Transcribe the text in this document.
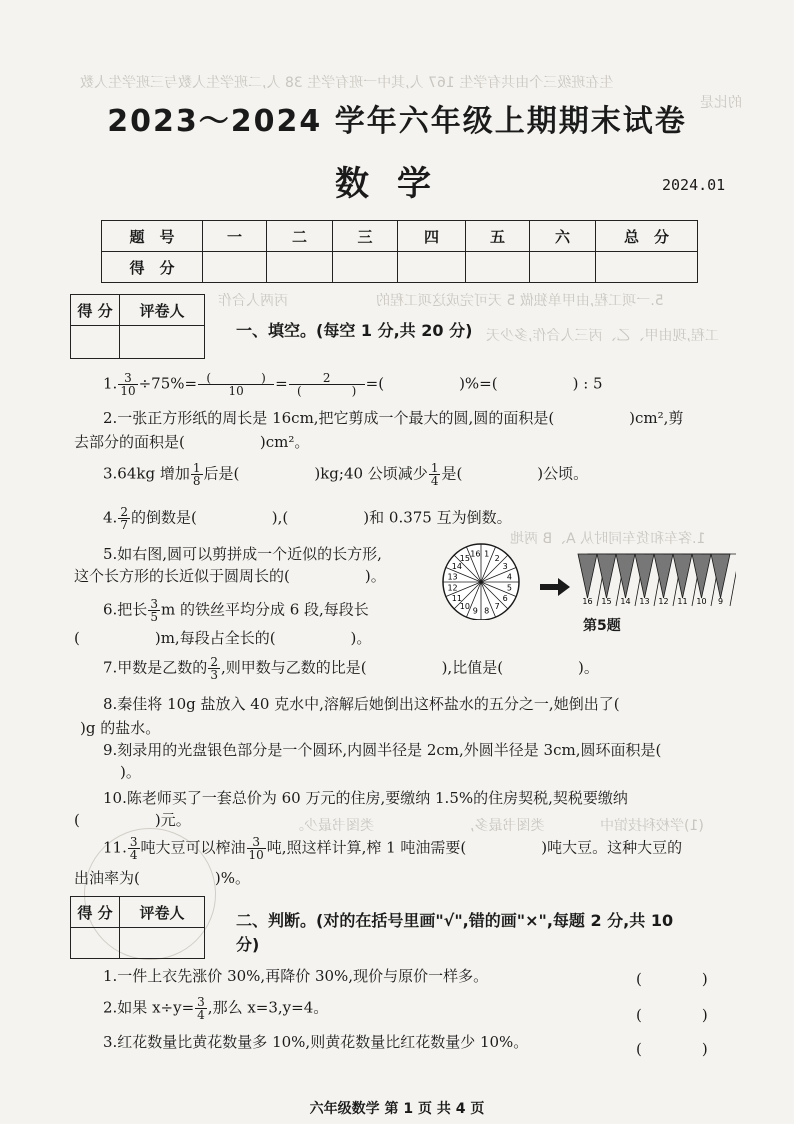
生在班级三个由共有学生 167 人,其中一班有学生 38 人,二班学生人数与三班学生人数
的比是
5.一项工程,由甲单独做 5 天可完成这项工程的
工程,现由甲、乙、丙三人合作,多少天
丙两人合作
1.客车和货车同时从 A、B 两地
(1)学校科技馆中
类图书最多,
类图书最少。
2023～2024 学年六年级上期期末试卷
数学	2024.01
题　号	一	二	三	四	五	六	总　分
得　分							
得 分	评卷人

一、填空。(每空 1 分,共 20 分)
1. $\frac{3}{10} \div 75\%=$ (	)
10 = 2
(	) =(　　　　　)%=(　　　　　) : 5
2.一张正方形纸的周长是 16cm,把它剪成一个最大的圆,圆的面积是(　　　　　)cm²,剪
去部分的面积是(　　　　　)cm²。
3.64kg 增加 $\frac{1}{8}$ 后是(　　　　　)kg;40 公顷减少 $\frac{1}{4}$ 是(　　　　　)公顷。
4. $\frac{2}{7}$ 的倒数是(　　　　　),(　　　　　)和 0.375 互为倒数。
5.如右图,圆可以剪拼成一个近似的长方形,
这个长方形的长近似于圆周长的(　　　　　)。
6.把长 $\frac{3}{5}$ m 的铁丝平均分成 6 段,每段长
(　　　　　)m,每段占全长的(　　　　　)。
1 2
3
4
5
6
7
8
9
10
11
12
13
14
15 16
16 15 14 13 12 11 10 9
第5题
7.甲数是乙数的 $\frac{2}{3}$ ,则甲数与乙数的比是(　　　　　),比值是(　　　　　)。
8.秦佳将 10g 盐放入 40 克水中,溶解后她倒出这杯盐水的五分之一,她倒出了(
)g 的盐水。
9.刻录用的光盘银色部分是一个圆环,内圆半径是 2cm,外圆半径是 3cm,圆环面积是(
)。
10.陈老师买了一套总价为 60 万元的住房,要缴纳 1.5%的住房契税,契税要缴纳
(　　　　　)元。
11. $\frac{3}{4}$ 吨大豆可以榨油 $\frac{3}{10}$ 吨,照这样计算,榨 1 吨油需要(　　　　　)吨大豆。这种大豆的
出油率为(　　　　　)%。
得 分	评卷人
		二、判断。(对的在括号里画"√",错的画"×",每题 2 分,共 10
分)
1.一件上衣先涨价 30%,再降价 30%,现价与原价一样多。	(　　　　)
2.如果 $x\div y= \frac{3}{4}$ ,那么 x=3,y=4。	(　　　　)
3.红花数量比黄花数量多 10%,则黄花数量比红花数量少 10%。	(　　　　)
六年级数学 第 1 页 共 4 页
